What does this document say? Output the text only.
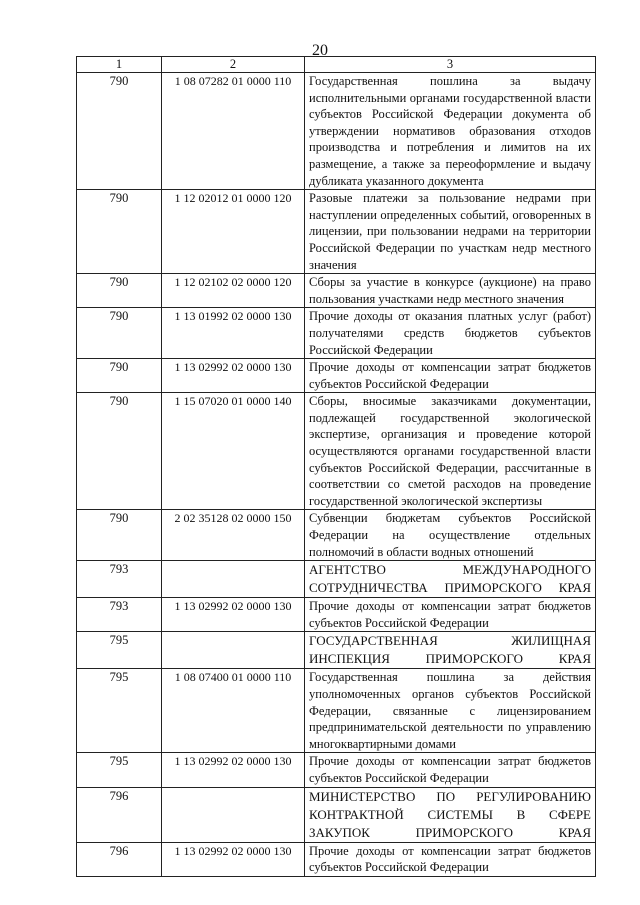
20
1	2	3
790	1 08 07282 01 0000 110	Государственная пошлина за выдачу исполнительными органами государственной власти субъектов Российской Федерации документа об утверждении нормативов образования отходов производства и потребления и лимитов на их размещение, а также за переоформление и выдачу дубликата указанного документа
790	1 12 02012 01 0000 120	Разовые платежи за пользование недрами при наступлении определенных событий, оговоренных в лицензии, при пользовании недрами на территории Российской Федерации по участкам недр местного значения
790	1 12 02102 02 0000 120	Сборы за участие в конкурсе (аукционе) на право пользования участками недр местного значения
790	1 13 01992 02 0000 130	Прочие доходы от оказания платных услуг (работ) получателями средств бюджетов субъектов Российской Федерации
790	1 13 02992 02 0000 130	Прочие доходы от компенсации затрат бюджетов субъектов Российской Федерации
790	1 15 07020 01 0000 140	Сборы, вносимые заказчиками документации, подлежащей государственной экологической экспертизе, организация и проведение которой осуществляются органами государственной власти субъектов Российской Федерации, рассчитанные в соответствии со сметой расходов на проведение государственной экологической экспертизы
790	2 02 35128 02 0000 150	Субвенции бюджетам субъектов Российской Федерации на осуществление отдельных полномочий в области водных отношений
793		АГЕНТСТВО МЕЖДУНАРОДНОГО СОТРУДНИЧЕСТВА ПРИМОРСКОГО КРАЯ
793	1 13 02992 02 0000 130	Прочие доходы от компенсации затрат бюджетов субъектов Российской Федерации
795		ГОСУДАРСТВЕННАЯ ЖИЛИЩНАЯ ИНСПЕКЦИЯ ПРИМОРСКОГО КРАЯ
795	1 08 07400 01 0000 110	Государственная пошлина за действия уполномоченных органов субъектов Российской Федерации, связанные с лицензированием предпринимательской деятельности по управлению многоквартирными домами
795	1 13 02992 02 0000 130	Прочие доходы от компенсации затрат бюджетов субъектов Российской Федерации
796		МИНИСТЕРСТВО ПО РЕГУЛИРОВАНИЮ КОНТРАКТНОЙ СИСТЕМЫ В СФЕРЕ ЗАКУПОК ПРИМОРСКОГО КРАЯ
796	1 13 02992 02 0000 130	Прочие доходы от компенсации затрат бюджетов субъектов Российской Федерации
